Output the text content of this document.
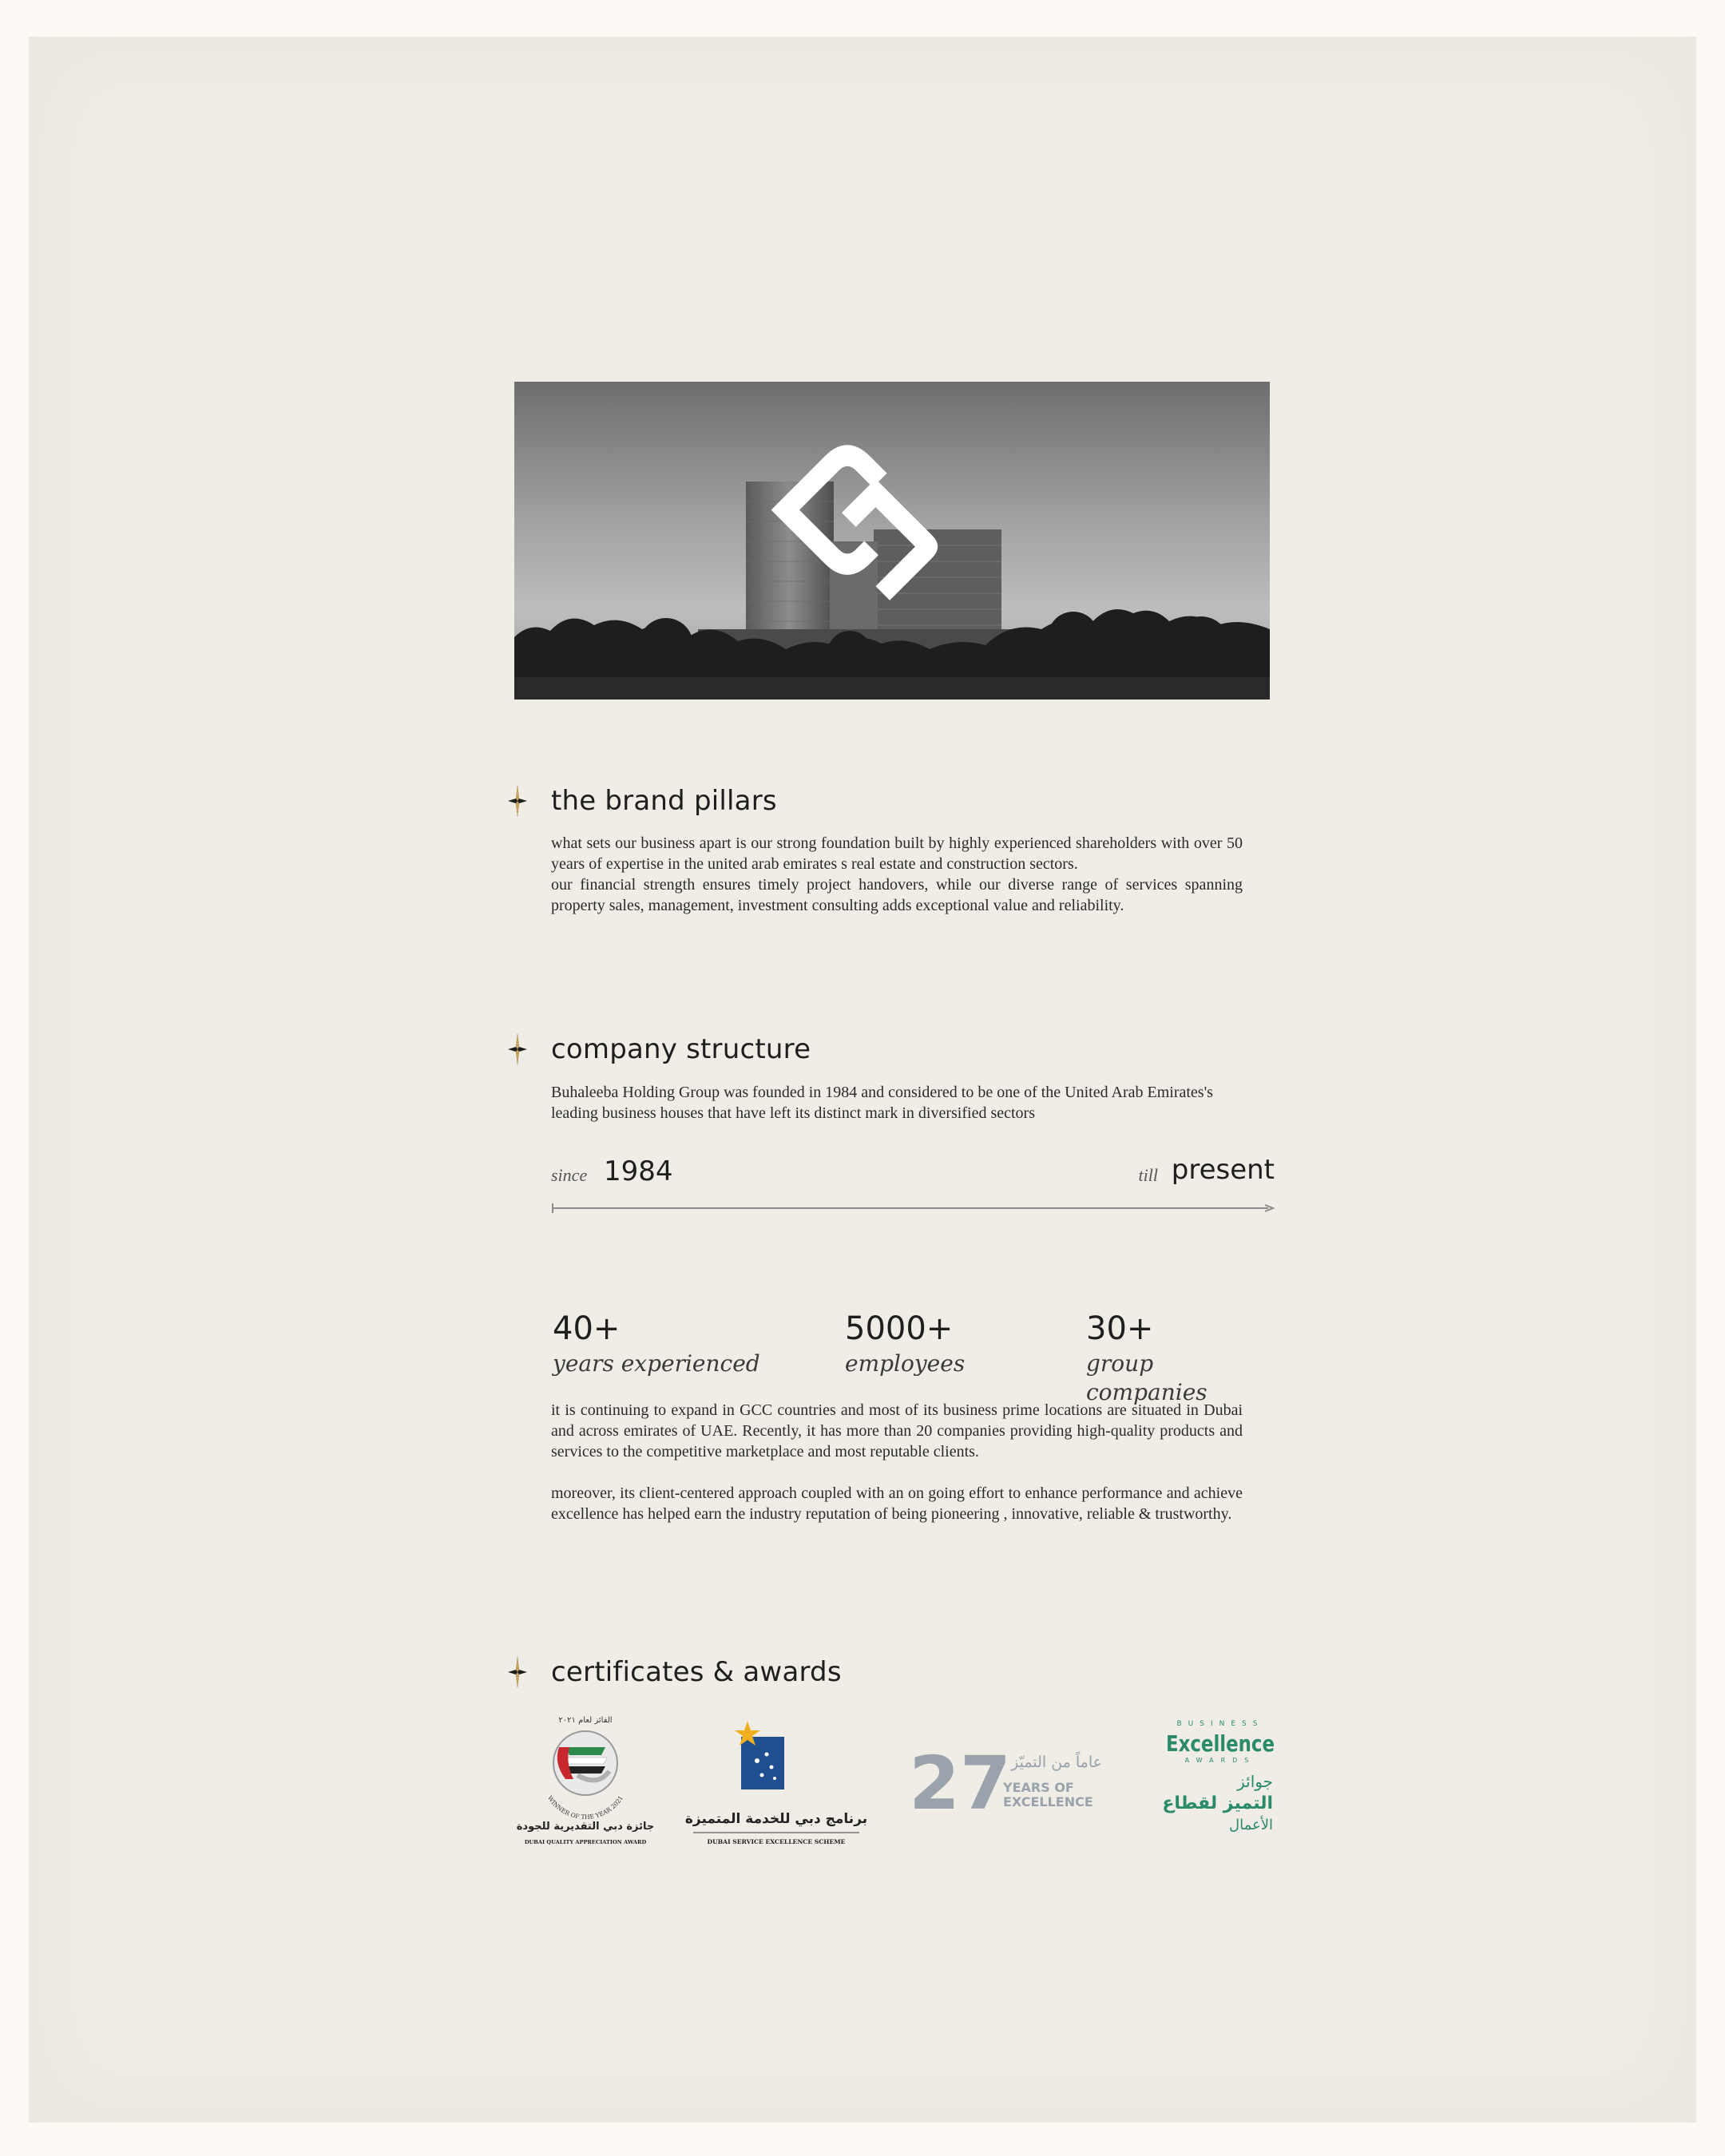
the brand pillars

what sets our business apart is our strong foundation built by highly experienced shareholders with over 50 years of expertise in the united arab emirates s real estate and construction sectors.

our financial strength ensures timely project handovers, while our diverse range of services spanning property sales, management, investment consulting adds exceptional value and reliability.

company structure

Buhaleeba Holding Group was founded in 1984 and considered to be one of the United Arab Emirates's leading business houses that have left its distinct mark in diversified sectors

since 1984	till present
40+
years experienced
5000+
employees
30+
group companies

it is continuing to expand in GCC countries and most of its business prime locations are situated in Dubai and across emirates of UAE. Recently, it has more than 20 companies providing high-quality products and services to the competitive marketplace and most reputable clients.

moreover, its client-centered approach coupled with an on going effort to enhance performance and achieve excellence has helped earn the industry reputation of being pioneering , innovative, reliable & trustworthy.

certificates & awards
الفائز لعام ٢٠٢١
WINNER OF THE YEAR 2021
جائزة دبي التقديرية للجودة
DUBAI QUALITY APPRECIATION AWARD
برنامج دبي للخدمة المتميزة
DUBAI SERVICE EXCELLENCE SCHEME
27 عاماً من التميّز
YEARS OF
EXCELLENCE
BUSINESS
Excellence
AWARDS
جوائز
التميز لقطاع
الأعمال
